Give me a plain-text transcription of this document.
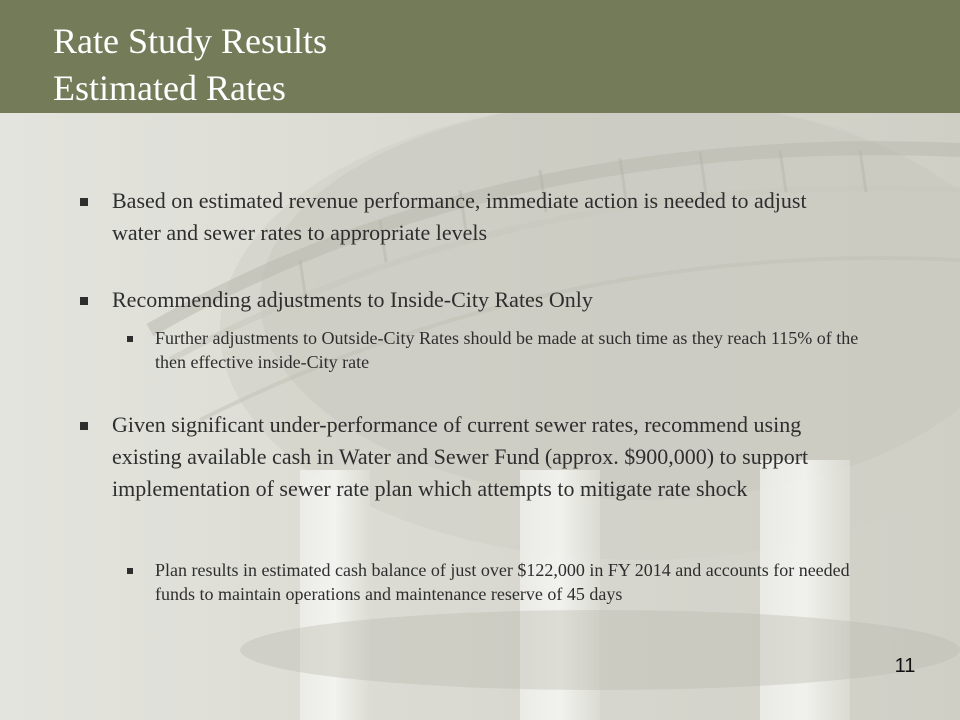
Rate Study Results
Estimated Rates
Based on estimated revenue performance, immediate action is needed to adjust water and sewer rates to appropriate levels
Recommending adjustments to Inside-City Rates Only
Further adjustments to Outside-City Rates should be made at such time as they reach 115% of the then effective inside-City rate
Given significant under-performance of current sewer rates, recommend using existing available cash in Water and Sewer Fund (approx. $900,000) to support implementation of sewer rate plan which attempts to mitigate rate shock
Plan results in estimated cash balance of just over $122,000 in FY 2014 and accounts for needed funds to maintain operations and maintenance reserve of 45 days
11
